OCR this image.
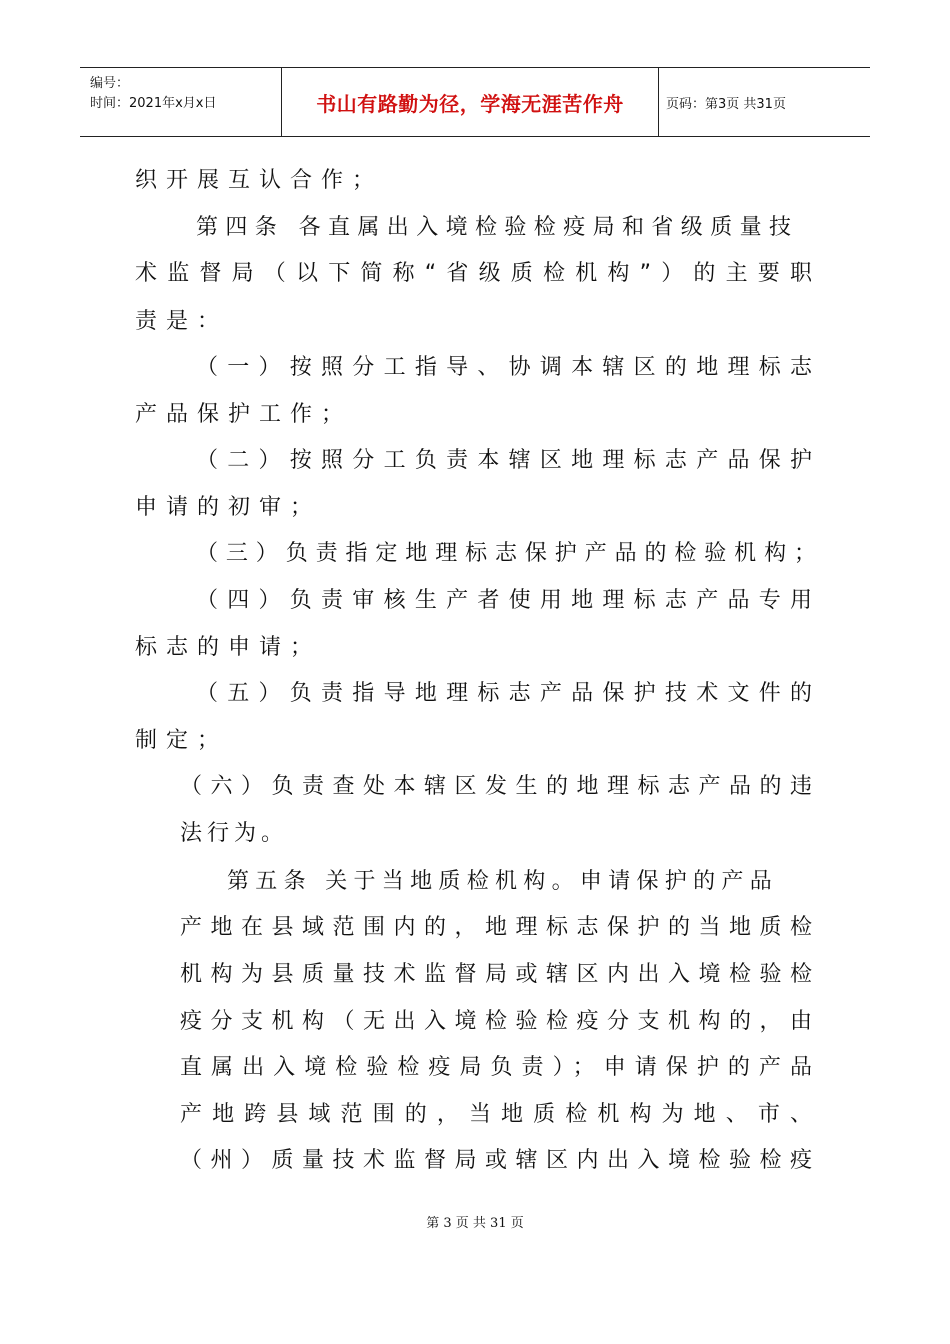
编号：
时间：2021年x月x日	书山有路勤为径，学海无涯苦作舟	页码：第3页 共31页
织开展互认合作；
第四条 各直属出入境检验检疫局和省级质量技
术监督局（以下简称“省级质检机构”）的主要职
责是：
（一）按照分工指导、协调本辖区的地理标志
产品保护工作；
（二）按照分工负责本辖区地理标志产品保护
申请的初审；
（三）负责指定地理标志保护产品的检验机构；
（四）负责审核生产者使用地理标志产品专用
标志的申请；
（五）负责指导地理标志产品保护技术文件的
制定；
（六）负责查处本辖区发生的地理标志产品的违
法行为。
第五条 关于当地质检机构。申请保护的产品
产地在县域范围内的，地理标志保护的当地质检
机构为县质量技术监督局或辖区内出入境检验检
疫分支机构（无出入境检验检疫分支机构的，由
直属出入境检验检疫局负责）；申请保护的产品
产地跨县域范围的，当地质检机构为地、市、
（州）质量技术监督局或辖区内出入境检验检疫
第 3 页 共 31 页
